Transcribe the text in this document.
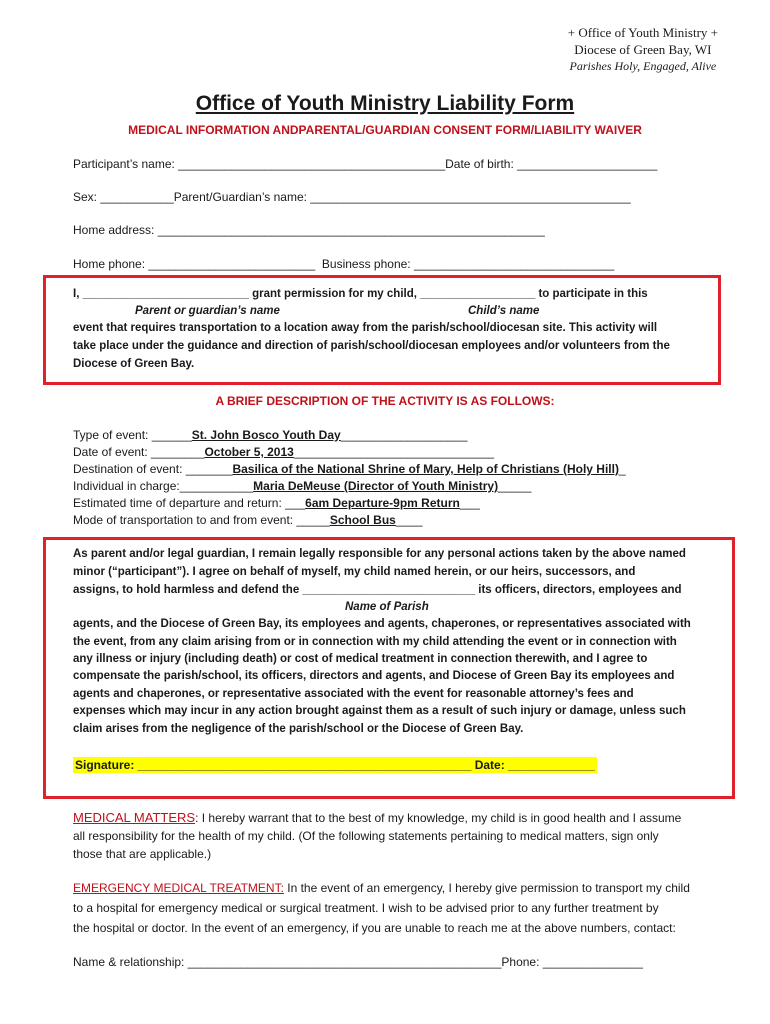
+ Office of Youth Ministry +
Diocese of Green Bay, WI
Parishes Holy, Engaged, Alive
Office of Youth Ministry Liability Form
MEDICAL INFORMATION ANDPARENTAL/GUARDIAN CONSENT FORM/LIABILITY WAIVER
Participant’s name: ________________________________________Date of birth: _____________________
Sex: ___________Parent/Guardian’s name: ________________________________________________
Home address: __________________________________________________________
Home phone: _________________________  Business phone: ______________________________
I, __________________________ grant permission for my child, __________________ to participate in this
Parent or guardian’s name	Child’s name
event that requires transportation to a location away from the parish/school/diocesan site. This activity will
take place under the guidance and direction of parish/school/diocesan employees and/or volunteers from the
Diocese of Green Bay.
A BRIEF DESCRIPTION OF THE ACTIVITY IS AS FOLLOWS:
Type of event: ______St. John Bosco Youth Day___________________
Date of event: ________October 5, 2013______________________________
Destination of event: _______Basilica of the National Shrine of Mary, Help of Christians (Holy Hill)_
Individual in charge:___________Maria DeMeuse (Director of Youth Ministry)_____
Estimated time of departure and return: ___6am Departure-9pm Return___
Mode of transportation to and from event: _____School Bus____
As parent and/or legal guardian, I remain legally responsible for any personal actions taken by the above named
minor (“participant”). I agree on behalf of myself, my child named herein, or our heirs, successors, and
assigns, to hold harmless and defend the ___________________________ its officers, directors, employees and
Name of Parish
agents, and the Diocese of Green Bay, its employees and agents, chaperones, or representatives associated with
the event, from any claim arising from or in connection with my child attending the event or in connection with
any illness or injury (including death) or cost of medical treatment in connection therewith, and I agree to
compensate the parish/school, its officers, directors and agents, and Diocese of Green Bay its employees and
agents and chaperones, or representative associated with the event for reasonable attorney’s fees and
expenses which may incur in any action brought against them as a result of such injury or damage, unless such
claim arises from the negligence of the parish/school or the Diocese of Green Bay.
Signature: __________________________________________________ Date: _____________
MEDICAL MATTERS: I hereby warrant that to the best of my knowledge, my child is in good health and I assume
all responsibility for the health of my child. (Of the following statements pertaining to medical matters, sign only
those that are applicable.)
EMERGENCY MEDICAL TREATMENT: In the event of an emergency, I hereby give permission to transport my child
to a hospital for emergency medical or surgical treatment. I wish to be advised prior to any further treatment by
the hospital or doctor. In the event of an emergency, if you are unable to reach me at the above numbers, contact:
Name & relationship: _______________________________________________Phone: _______________
